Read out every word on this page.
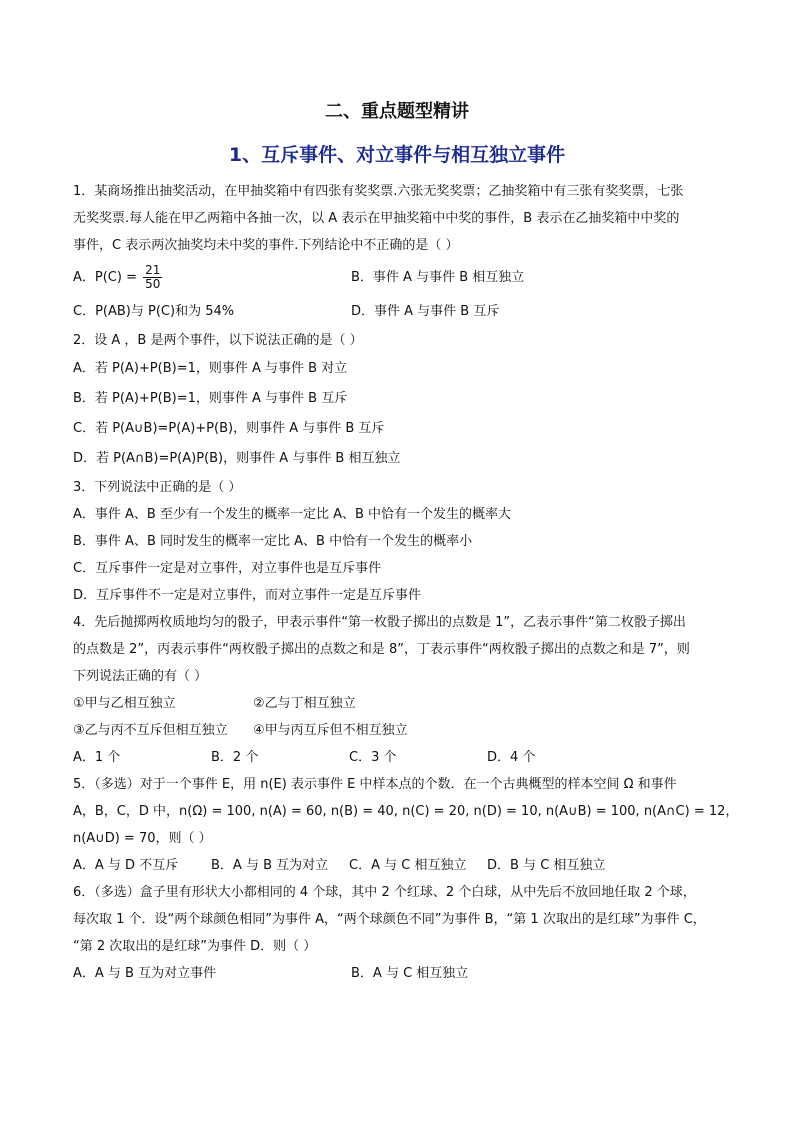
二、重点题型精讲
1、互斥事件、对立事件与相互独立事件
1．某商场推出抽奖活动，在甲抽奖箱中有四张有奖奖票.六张无奖奖票；乙抽奖箱中有三张有奖奖票，七张
无奖奖票.每人能在甲乙两箱中各抽一次，以 A 表示在甲抽奖箱中中奖的事件，B 表示在乙抽奖箱中中奖的
事件，C 表示两次抽奖均未中奖的事件.下列结论中不正确的是（ ）
A．$P(C) = \frac{21}{50}$	B．事件 A 与事件 B 相互独立
C．P(AB)与 P(C)和为 54%	D．事件 A 与事件 B 互斥
2．设 A ，B 是两个事件，以下说法正确的是（ ）
A．若 P(A)+P(B)=1，则事件 A 与事件 B 对立
B．若 P(A)+P(B)=1，则事件 A 与事件 B 互斥
C．若 P(A∪B)=P(A)+P(B)，则事件 A 与事件 B 互斥
D．若 P(A∩B)=P(A)P(B)，则事件 A 与事件 B 相互独立
3．下列说法中正确的是（ ）
A．事件 A、B 至少有一个发生的概率一定比 A、B 中恰有一个发生的概率大
B．事件 A、B 同时发生的概率一定比 A、B 中恰有一个发生的概率小
C．互斥事件一定是对立事件，对立事件也是互斥事件
D．互斥事件不一定是对立事件，而对立事件一定是互斥事件
4．先后抛掷两枚质地均匀的骰子，甲表示事件“第一枚骰子掷出的点数是 1”，乙表示事件“第二枚骰子掷出
的点数是 2”，丙表示事件“两枚骰子掷出的点数之和是 8”，丁表示事件“两枚骰子掷出的点数之和是 7”，则
下列说法正确的有（ ）
①甲与乙相互独立	②乙与丁相互独立
③乙与丙不互斥但相互独立	④甲与丙互斥但不相互独立
A．1 个	B．2 个	C．3 个	D．4 个
5．（多选）对于一个事件 E，用 n(E) 表示事件 E 中样本点的个数．在一个古典概型的样本空间 Ω 和事件
A，B，C，D 中，n(Ω) = 100, n(A) = 60, n(B) = 40, n(C) = 20, n(D) = 10, n(A∪B) = 100, n(A∩C) = 12，
n(A∪D) = 70，则（ ）
A．A 与 D 不互斥	B．A 与 B 互为对立	C．A 与 C 相互独立	D．B 与 C 相互独立
6．（多选）盒子里有形状大小都相同的 4 个球，其中 2 个红球、2 个白球，从中先后不放回地任取 2 个球，
每次取 1 个．设“两个球颜色相同”为事件 A，“两个球颜色不同”为事件 B，“第 1 次取出的是红球”为事件 C，
“第 2 次取出的是红球”为事件 D．则（ ）
A．A 与 B 互为对立事件	B．A 与 C 相互独立
